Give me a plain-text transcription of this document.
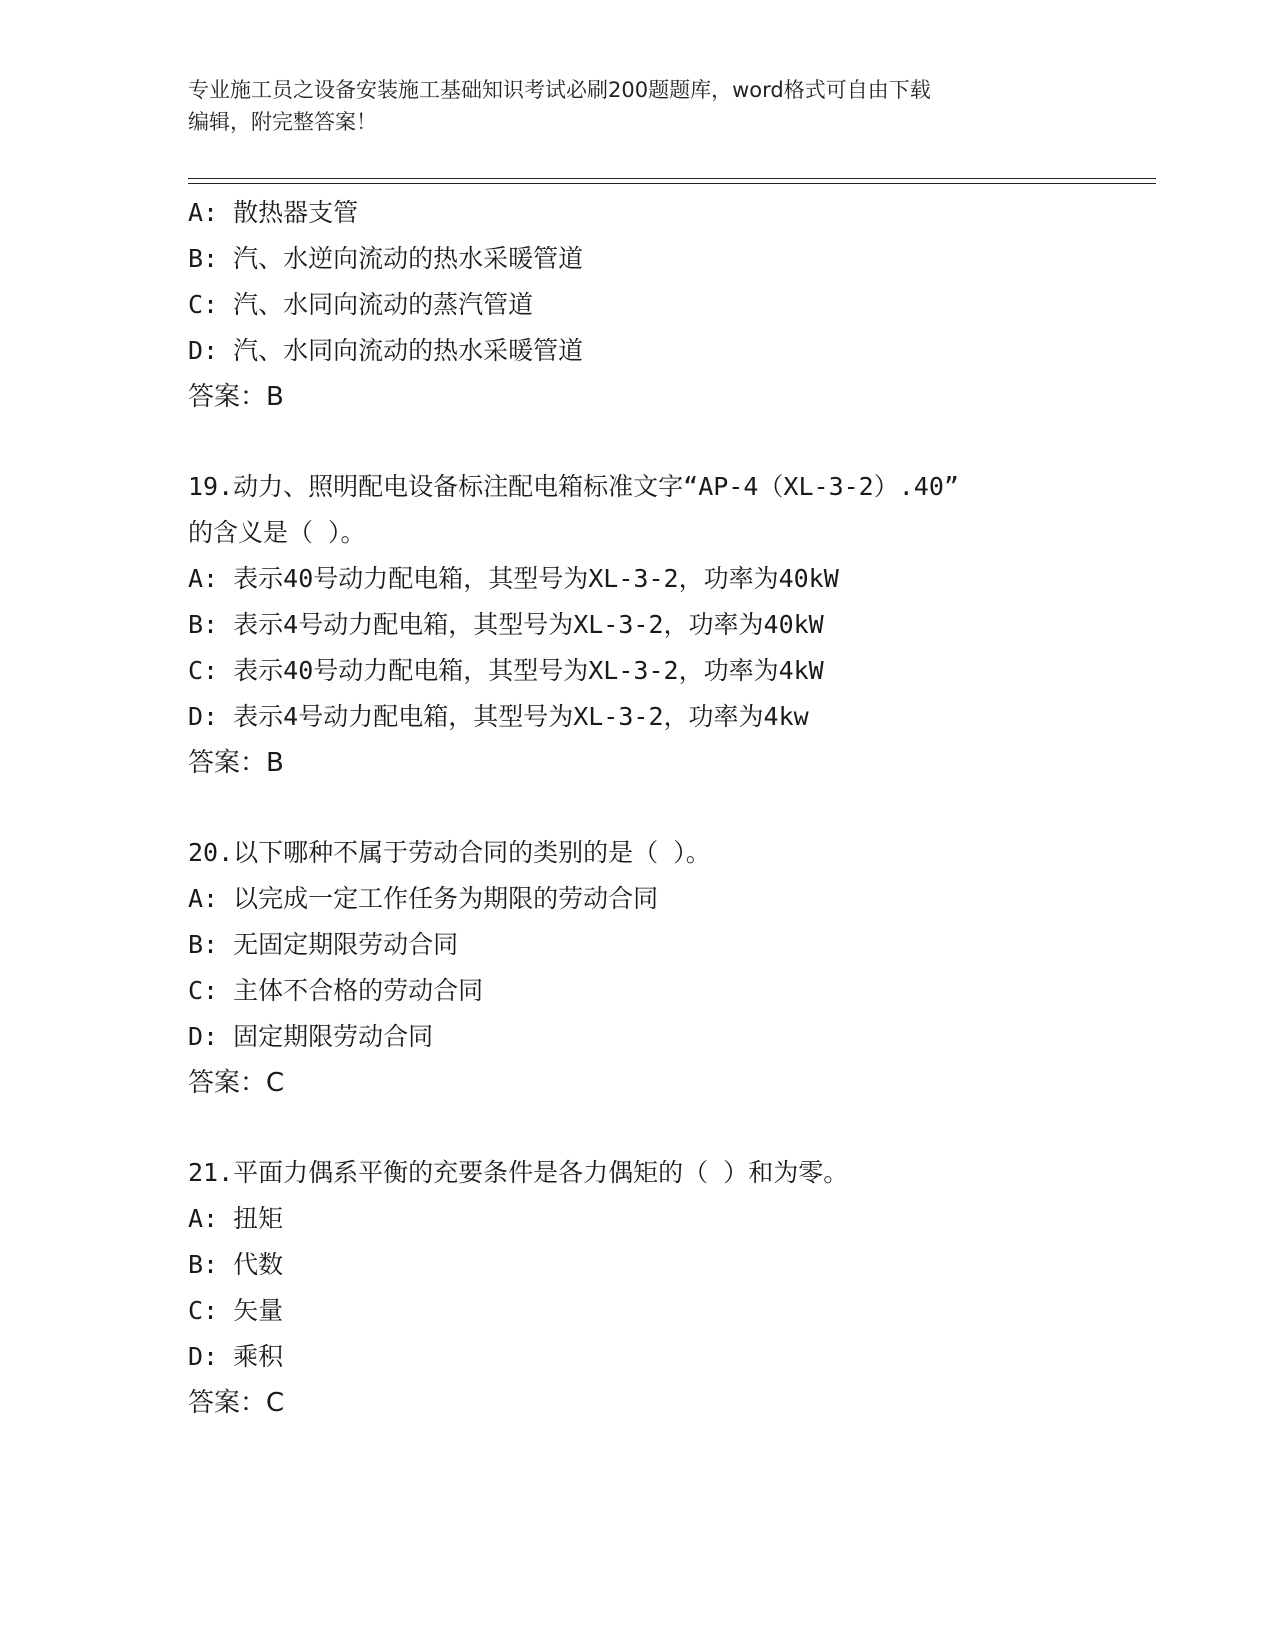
专业施工员之设备安装施工基础知识考试必刷200题题库，word格式可自由下载
编辑，附完整答案！
A: 散热器支管
B: 汽、水逆向流动的热水采暖管道
C: 汽、水同向流动的蒸汽管道
D: 汽、水同向流动的热水采暖管道
答案：B
19.动力、照明配电设备标注配电箱标准文字“AP-4（XL-3-2）.40”
的含义是（ ）。
A: 表示40号动力配电箱，其型号为XL-3-2，功率为40kW
B: 表示4号动力配电箱，其型号为XL-3-2，功率为40kW
C: 表示40号动力配电箱，其型号为XL-3-2，功率为4kW
D: 表示4号动力配电箱，其型号为XL-3-2，功率为4kw
答案：B
20.以下哪种不属于劳动合同的类别的是（ ）。
A: 以完成一定工作任务为期限的劳动合同
B: 无固定期限劳动合同
C: 主体不合格的劳动合同
D: 固定期限劳动合同
答案：C
21.平面力偶系平衡的充要条件是各力偶矩的（ ）和为零。
A: 扭矩
B: 代数
C: 矢量
D: 乘积
答案：C
